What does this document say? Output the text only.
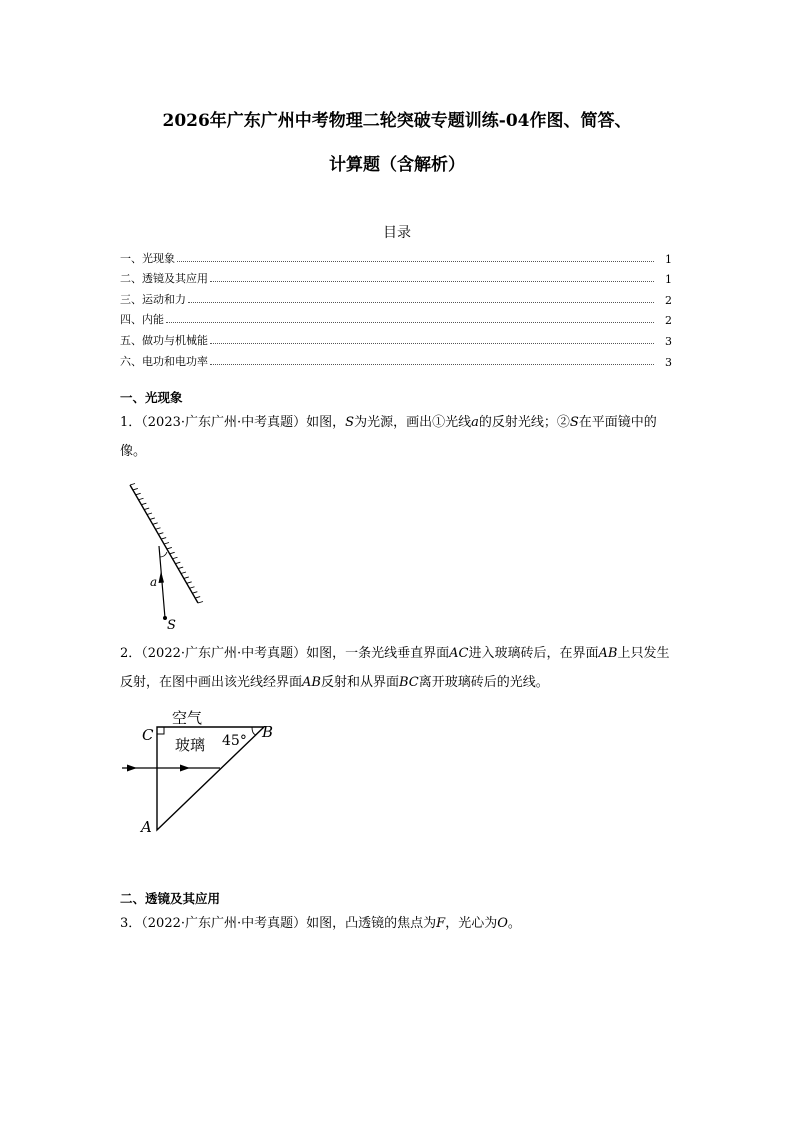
2026年广东广州中考物理二轮突破专题训练-04作图、简答、
计算题（含解析）
目录
一、光现象	1
二、透镜及其应用	1
三、运动和力	2
四、内能	2
五、做功与机械能	3
六、电功和电功率	3
一、光现象
1．（2023·广东广州·中考真题）如图，S为光源，画出①光线a的反射光线；②S在平面镜中的像。
a
S
2．（2022·广东广州·中考真题）如图，一条光线垂直界面AC进入玻璃砖后，在界面AB上只发生反射，在图中画出该光线经界面AB反射和从界面BC离开玻璃砖后的光线。
空气
玻璃 45°
C	B
A
二、透镜及其应用
3．（2022·广东广州·中考真题）如图，凸透镜的焦点为F，光心为O。
